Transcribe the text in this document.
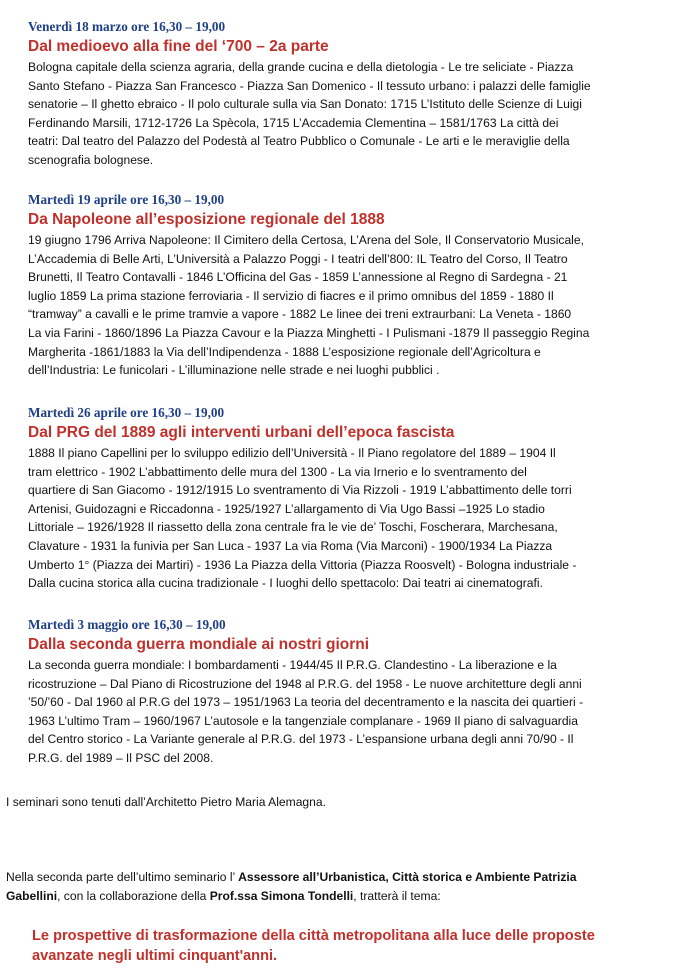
Venerdì 18 marzo ore 16,30 – 19,00
Dal medioevo alla fine del ‘700 – 2a parte
Bologna capitale della scienza agraria, della grande cucina e della dietologia - Le tre seliciate - Piazza
Santo Stefano - Piazza San Francesco - Piazza San Domenico - Il tessuto urbano: i palazzi delle famiglie
senatorie – Il ghetto ebraico - Il polo culturale sulla via San Donato: 1715 L’Istituto delle Scienze di Luigi
Ferdinando Marsili, 1712-1726 La Spècola, 1715 L’Accademia Clementina – 1581/1763 La città dei
teatri: Dal teatro del Palazzo del Podestà al Teatro Pubblico o Comunale - Le arti e le meraviglie della
scenografia bolognese.
Martedì 19 aprile ore 16,30 – 19,00
Da Napoleone all’esposizione regionale del 1888
19 giugno 1796 Arriva Napoleone: Il Cimitero della Certosa, L’Arena del Sole, Il Conservatorio Musicale,
L’Accademia di Belle Arti, L’Università a Palazzo Poggi - I teatri dell’800: IL Teatro del Corso, Il Teatro
Brunetti, Il Teatro Contavalli - 1846 L’Officina del Gas - 1859 L’annessione al Regno di Sardegna - 21
luglio 1859 La prima stazione ferroviaria - Il servizio di fiacres e il primo omnibus del 1859 - 1880 Il
“tramway” a cavalli e le prime tramvie a vapore - 1882 Le linee dei treni extraurbani: La Veneta - 1860
La via Farini - 1860/1896 La Piazza Cavour e la Piazza Minghetti - I Pulismani -1879 Il passeggio Regina
Margherita -1861/1883 la Via dell’Indipendenza - 1888 L’esposizione regionale dell’Agricoltura e
dell’Industria: Le funicolari - L’illuminazione nelle strade e nei luoghi pubblici .
Martedì 26 aprile ore 16,30 – 19,00
Dal PRG del 1889 agli interventi urbani dell’epoca fascista
1888 Il piano Capellini per lo sviluppo edilizio dell’Università - Il Piano regolatore del 1889 – 1904 Il
tram elettrico - 1902 L’abbattimento delle mura del 1300 - La via Irnerio e lo sventramento del
quartiere di San Giacomo - 1912/1915 Lo sventramento di Via Rizzoli - 1919 L’abbattimento delle torri
Artenisi, Guidozagni e Riccadonna - 1925/1927 L’allargamento di Via Ugo Bassi –1925 Lo stadio
Littoriale – 1926/1928 Il riassetto della zona centrale fra le vie de’ Toschi, Foscherara, Marchesana,
Clavature - 1931 la funivia per San Luca - 1937 La via Roma (Via Marconi) - 1900/1934 La Piazza
Umberto 1° (Piazza dei Martiri) - 1936 La Piazza della Vittoria (Piazza Roosvelt) - Bologna industriale -
Dalla cucina storica alla cucina tradizionale - I luoghi dello spettacolo: Dai teatri ai cinematografi.
Martedì 3 maggio ore 16,30 – 19,00
Dalla seconda guerra mondiale ai nostri giorni
La seconda guerra mondiale: I bombardamenti - 1944/45 Il P.R.G. Clandestino - La liberazione e la
ricostruzione – Dal Piano di Ricostruzione del 1948 al P.R.G. del 1958 - Le nuove architetture degli anni
’50/’60 - Dal 1960 al P.R.G del 1973 – 1951/1963 La teoria del decentramento e la nascita dei quartieri -
1963 L’ultimo Tram – 1960/1967 L’autosole e la tangenziale complanare - 1969 Il piano di salvaguardia
del Centro storico - La Variante generale al P.R.G. del 1973 - L’espansione urbana degli anni 70/90 - Il
P.R.G. del 1989 – Il PSC del 2008.
I seminari sono tenuti dall’Architetto Pietro Maria Alemagna.
Nella seconda parte dell’ultimo seminario l’ Assessore all’Urbanistica, Città storica e Ambiente Patrizia
Gabellini, con la collaborazione della Prof.ssa Simona Tondelli, tratterà il tema:
Le prospettive di trasformazione della città metropolitana alla luce delle proposte
avanzate negli ultimi cinquant'anni.
